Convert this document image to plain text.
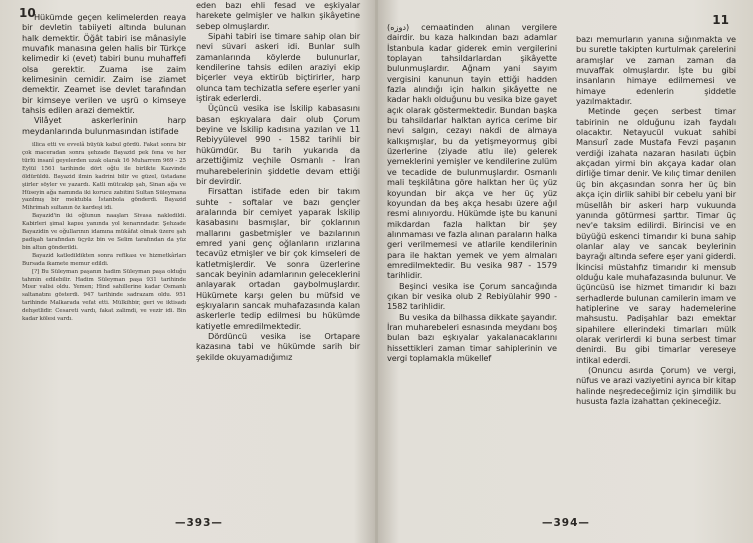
10

Hükümde geçen kelimelerden reaya bir devletin tabiiyeti altında bulunan halk demektir. Öğât tabiri ise mânasiyle muvafık manasına gelen halis bir Türkçe kelimedir ki (evet) tabiri bunu muhaffefi olsa gerektir. Zuama ise zaim kelimesinin cemidir. Zaim ise ziamet demektir. Zeamet ise devlet tarafından bir kimseye verilen ve uşrü o kimseye tahsis edilen arazi demektir.

Vilâyet askerlerinin harp meydanlarında bulunmasından istifade

illica etti ve evvelâ büyük kabul gördü. Fakat sonra bir çok maceradan sonra şehzade Bayazid pek fena ve her türlü insanî geyelerden uzak olarak 16 Muharrem 969 - 25 Eylül 1561 tarihinde dört oğlu ile birlikte Kazvinde öldürüldü. Bayazid ilmin kadrini bilir ve güzel, üstadane şiirler söyler ve yazardı. Katli mütcakip şah, Sinan ağa ve Hüseyin ağa namında iki korucu zabitini Sultan Süleymana yazılmış bir mektubla İstanbola gönderdi. Bayazid Mihrimah sultanın öz kardeşi idi.

Bayazid'in iki oğlunun naaşları Sivasa nakledildi. Kabirleri şimal kapısı yanında yol kenarındadır. Şehzade Bayazidin ve oğullarının idamına mükâfat olmak üzere şah padişah tarafından üçyüz bin ve Selim tarafından da yüz bin altun gönderildi.

Bayazid katledildikten sonra refikası ve hizmetkârları Bursada ikamete memur edildi.

[?] Bu Süleyman paşanın hadim Süleyman paşa olduğu tahmin edilebilir. Hadim Süleyman paşa 931 tarihinde Mısır valisi oldu. Yemen; Hind sahillerine kadar Osmanlı saltanatını gösterdi. 947 tarihinde sadrazam oldu. 951 tarihinde Malkarada vefat etti. Mülkihbir, geri ve iktisadı dehşetlidir. Cesareti vardı, fakat zalimdi, ve vezir idi. Bin kadar kölesi vardı.

eden bazı ehli fesad ve eşkiyalar harekete gelmişler ve halkın şikâyetine sebep olmuşlardır.

Sipahi tabiri ise timare sahip olan bir nevi süvari askeri idi. Bunlar sulh zamanlarında köylerde bulunurlar, kendilerine tahsis edilen araziyi ekip biçerler veya ektirüb biçtirirler, harp olunca tam techizatla sefere eşerler yani iştirak ederlerdi.

Üçüncü vesika ise İskilip kabasasını basan eşkıyalara dair olub Çorum beyine ve İskilip kadısına yazılan ve 11 Rebiyyülevel 990 - 1582 tarihli bir hükümdür. Bu tarih yukarıda da arzettiğimiz veçhile Osmanlı - İran muharebelerinin şiddetle devam ettiği bir devirdir.

Firsattan istifade eden bir takım suhte - softalar ve bazı gençler aralarında bir cemiyet yaparak İskilip kasabasını basmışlar, bir çoklarının mallarını gasbetmişler ve bazılarının emred yani genç oğlanların ırızlarına tecavüz etmişler ve bir çok kimseleri de katletmişlerdir. Ve sonra üzerlerine sancak beyinin adamlarının geleceklerini anlayarak ortadan gaybolmuşlardır. Hükümete karşı gelen bu müfsid ve eşkıyaların sancak muhafazasında kalan askerlerle tedip edilmesi bu hükümde katiyetle emredilmektedir.

Dördüncü vesika ise Ortapare kazasına tabi ve hükümde sarih bir şekilde okuyamadığımız

—393—

(دوزه) cemaatinden alınan vergilere dairdir. bu kaza halkından bazı adamlar İstanbula kadar giderek emin vergilerini toplayan tahsildarlardan şikâyette bulunmuşlardır. Ağnam yani sayım vergisini kanunun tayin ettiği hadden fazla alındığı için halkın şikâyette ne kadar haklı olduğunu bu vesika bize gayet açık olarak göstermektedir. Bundan başka bu tahsildarlar halktan ayrica cerime bir nevi salgın, cezayı nakdi de almaya kalkışmışlar, bu da yetişmeyormuş gibi üzerlerine (ziyade atlu ile) gelerek yemeklerini yemişler ve kendilerine zulüm ve tecadide de bulunmuşlardır. Osmanlı mali teşkilâtına göre halktan her üç yüz koyundan bir akça ve her üç yüz koyundan da beş akça hesabı üzere ağıl resmi alınıyordu. Hükümde işte bu kanuni mikdardan fazla halktan bir şey alınmaması ve fazla alınan paraların halka geri verilmemesi ve atlarile kendilerinin para ile haktan yemek ve yem almaları emredilmektedir. Bu vesika 987 - 1579 tarihlidir.

Beşinci vesika ise Çorum sancağında çıkan bir vesika olub 2 Rebiyülahir 990 - 1582 tarihlidir.

Bu vesika da bilhassa dikkate şayandır. İran muharebeleri esnasında meydanı boş bulan bazı eşkıyalar yakalanacaklarını hissettikleri zaman timar sahiplerinin ve vergi toplamakla mükellef

11

bazı memurların yanına sığınmakta ve bu suretle takipten kurtulmak çarelerini aramışlar ve zaman zaman da muvaffak olmuşlardır. İşte bu gibi insanların himaye edilmemesi ve himaye edenlerin şiddetle yazılmaktadır.

Metinde geçen serbest timar tabirinin ne olduğunu izah faydalı olacaktır. Netayucül vukuat sahibi Mansurî zade Mustafa Fevzi paşanın verdiği izahata nazaran hasılatı üçbin akçadan yirmi bin akçaya kadar olan dirliğe timar denir. Ve kılıç timar denilen üç bin akçasından sonra her üç bin akça için dirlik sahibi bir cebelu yani bir müsellâh bir askeri harp vukuunda yanında götürmesi şarttır. Timar üç nev'e taksim edilirdi. Birincisi ve en büyüğü eskenci timarıdır ki buna sahip olanlar alay ve sancak beylerinin bayrağı altında sefere eşer yani giderdi. İkincisi müstahfız timarıdır ki mensub olduğu kale muhafazasında bulunur. Ve üçüncüsü ise hizmet timarıdır ki bazı serhadlerde bulunan camilerin imam ve hatiplerine ve saray hademelerine mahsustu. Padişahlar bazı emektar sipahilere ellerindeki timarları mülk olarak verirlerdi ki buna serbest timar denirdi. Bu gibi timarlar vereseye intikal ederdi.

(Onuncu asırda Çorum) ve vergi, nüfus ve arazi vaziyetini ayrıca bir kitap halinde neşredeceğimiz için şimdilik bu hususta fazla izahattan çekineceğiz.

—394—
